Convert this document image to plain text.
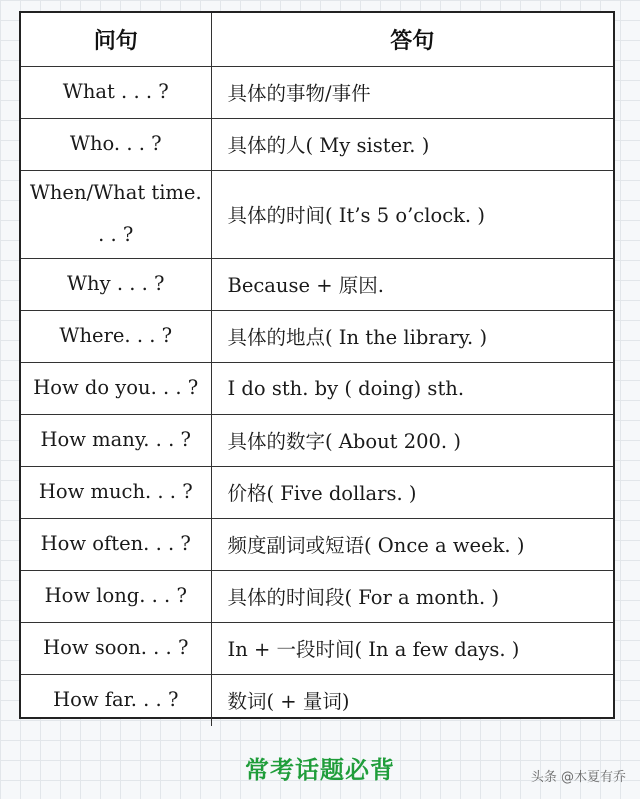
问句	答句
What . . . ?	具体的事物/事件
Who. . . ?	具体的人( My sister. )
When/What time. . . ?	具体的时间( It’s 5 o’clock. )
Why . . . ?	Because + 原因.
Where. . . ?	具体的地点( In the library. )
How do you. . . ?	I do sth. by ( doing) sth.
How many. . . ?	具体的数字( About 200. )
How much. . . ?	价格( Five dollars. )
How often. . . ?	频度副词或短语( Once a week. )
How long. . . ?	具体的时间段( For a month. )
How soon. . . ?	In + 一段时间( In a few days. )
How far. . . ?	数词( + 量词)
常考话题必背	头条 @木夏有乔
